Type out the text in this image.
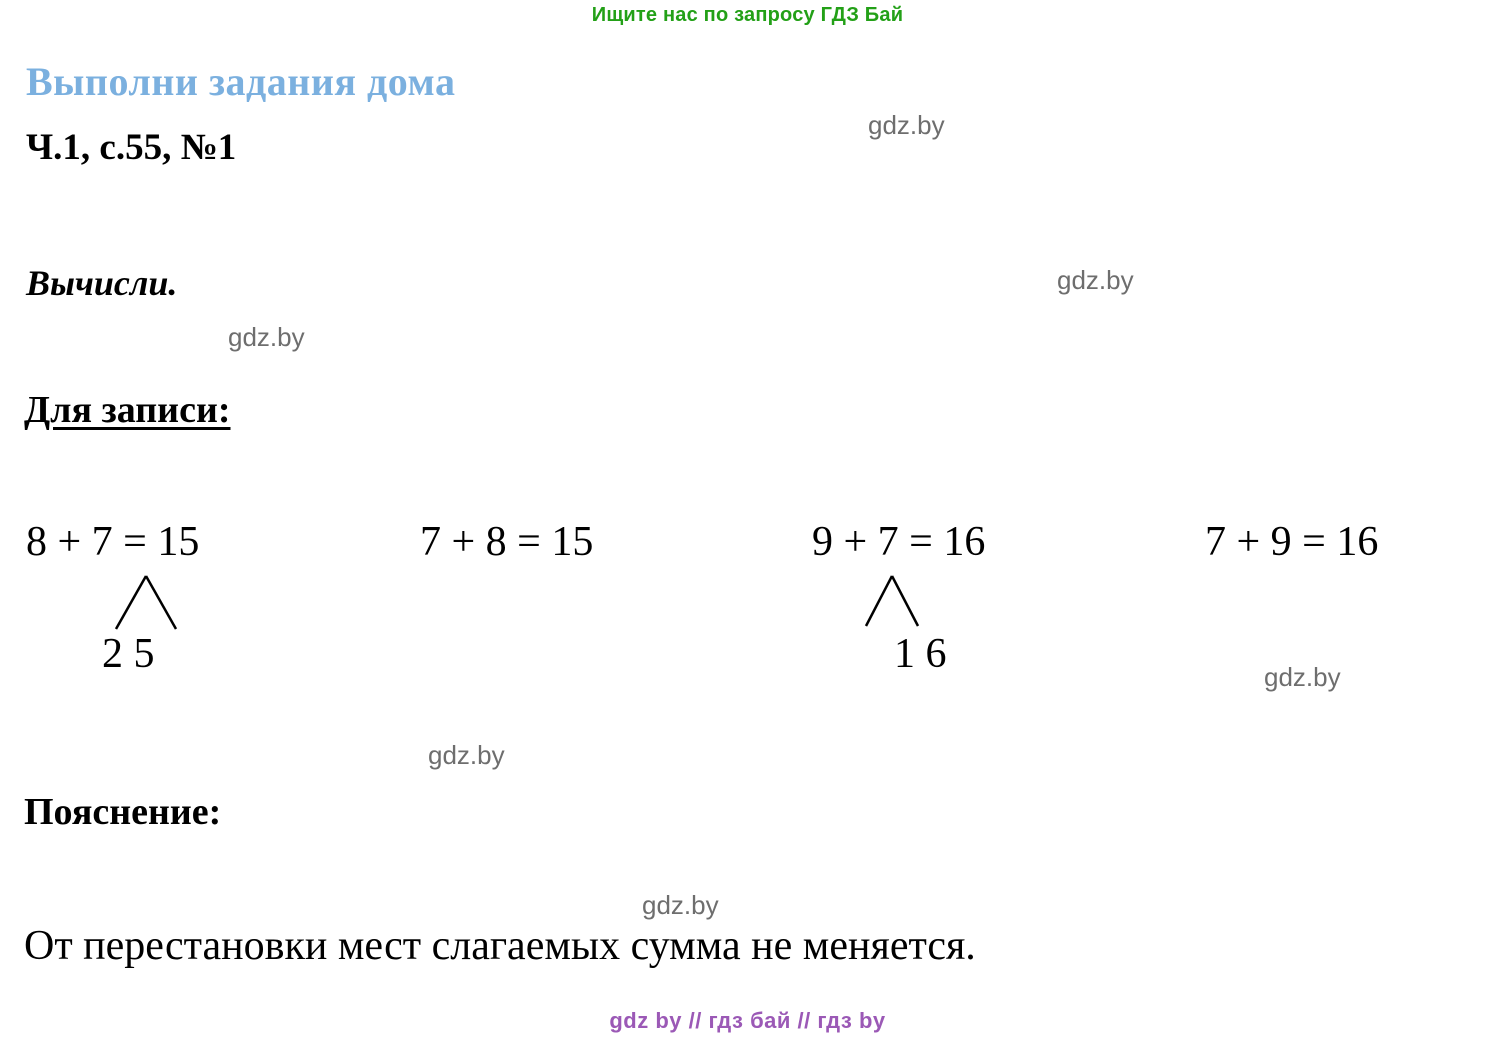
Ищите нас по запросу ГДЗ Бай
Выполни задания дома
Ч.1, с.55, №1
Вычисли.
Для записи:
8 + 7 = 15
2 5
7 + 8 = 15	9 + 7 = 16
1 6
7 + 9 = 16
Пояснение:
От перестановки мест слагаемых сумма не меняется.
gdz.by
gdz.by
gdz.by
gdz.by
gdz.by
gdz.by
gdz by // гдз бай // гдз by
